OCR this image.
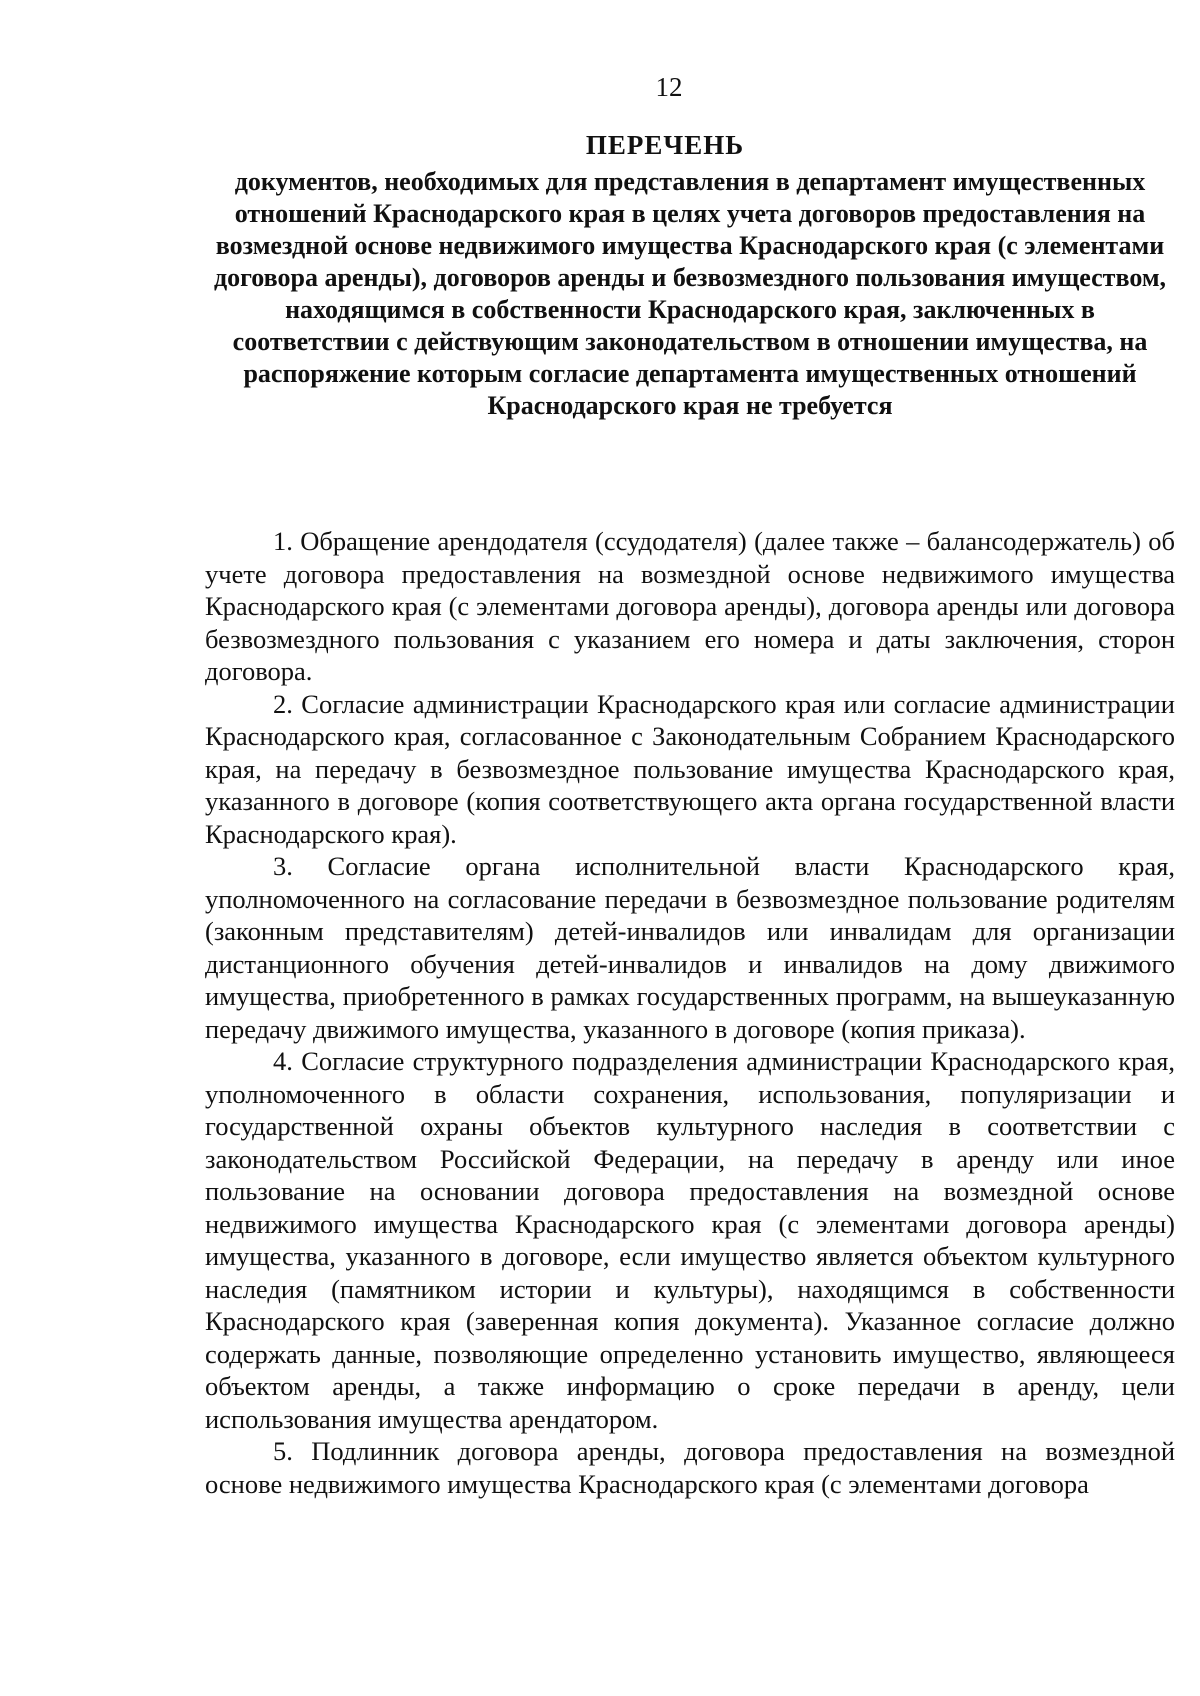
12
ПЕРЕЧЕНЬ
документов, необходимых для представления в департамент имущественных отношений Краснодарского края в целях учета договоров предоставления на возмездной основе недвижимого имущества Краснодарского края (с элементами договора аренды), договоров аренды и безвозмездного пользования имуществом, находящимся в собственности Краснодарского края, заключенных в соответствии с действующим законодательством в отношении имущества, на распоряжение которым согласие департамента имущественных отношений Краснодарского края не требуется

1. Обращение арендодателя (ссудодателя) (далее также – балансодержатель) об учете договора предоставления на возмездной основе недвижимого имущества Краснодарского края (с элементами договора аренды), договора аренды или договора безвозмездного пользования с указанием его номера и даты заключения, сторон договора.

2. Согласие администрации Краснодарского края или согласие администрации Краснодарского края, согласованное с Законодательным Собранием Краснодарского края, на передачу в безвозмездное пользование имущества Краснодарского края, указанного в договоре (копия соответствующего акта органа государственной власти Краснодарского края).

3. Согласие органа исполнительной власти Краснодарского края, уполномоченного на согласование передачи в безвозмездное пользование родителям (законным представителям) детей-инвалидов или инвалидам для организации дистанционного обучения детей-инвалидов и инвалидов на дому движимого имущества, приобретенного в рамках государственных программ, на вышеуказанную передачу движимого имущества, указанного в договоре (копия приказа).

4. Согласие структурного подразделения администрации Краснодарского края, уполномоченного в области сохранения, использования, популяризации и государственной охраны объектов культурного наследия в соответствии с законодательством Российской Федерации, на передачу в аренду или иное пользование на основании договора предоставления на возмездной основе недвижимого имущества Краснодарского края (с элементами договора аренды) имущества, указанного в договоре, если имущество является объектом культурного наследия (памятником истории и культуры), находящимся в собственности Краснодарского края (заверенная копия документа). Указанное согласие должно содержать данные, позволяющие определенно установить имущество, являющееся объектом аренды, а также информацию о сроке передачи в аренду, цели использования имущества арендатором.

5. Подлинник договора аренды, договора предоставления на возмездной основе недвижимого имущества Краснодарского края (с элементами договора
